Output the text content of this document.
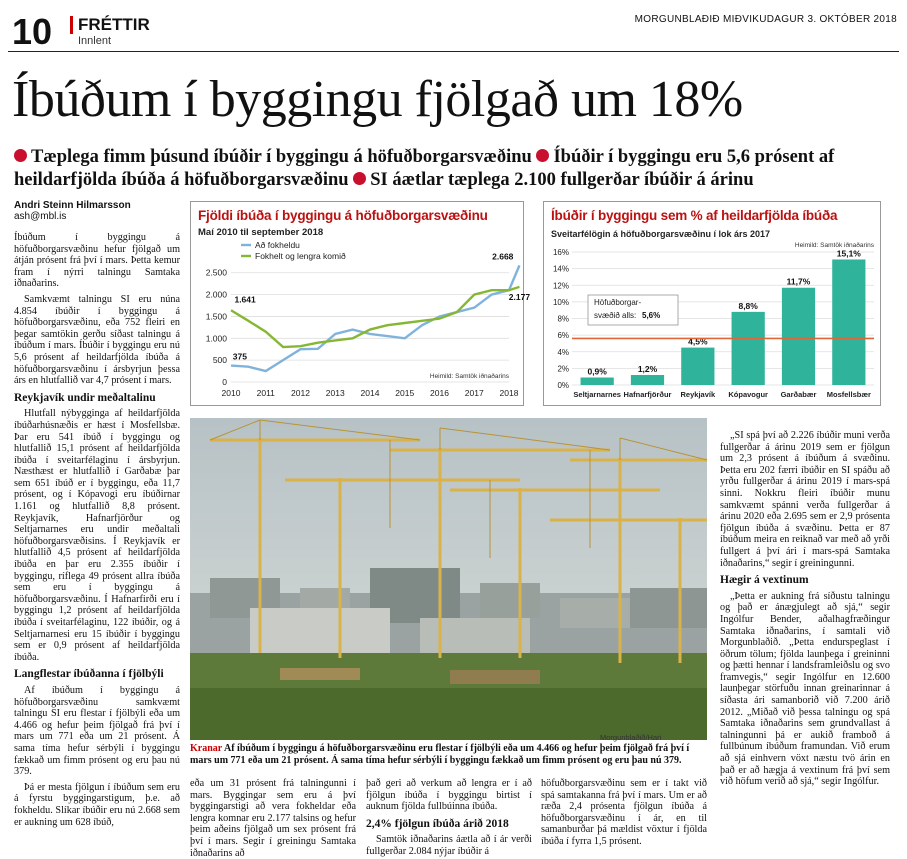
10	FRÉTTIR
Innlent
MORGUNBLAÐIÐ MIÐVIKUDAGUR 3. OKTÓBER 2018
Íbúðum í byggingu fjölgað um 18%
Tæplega fimm þúsund íbúðir í byggingu á höfuðborgarsvæðinu Íbúðir í byggingu eru 5,6 prósent af heildarfjölda íbúða á höfuðborgarsvæðinu SI áætlar tæplega 2.100 fullgerðar íbúðir á árinu
Andri Steinn Hilmarsson
ash@mbl.is

Íbúðum í byggingu á höfuðborgarsvæðinu hefur fjölgað um átján prósent frá því í mars. Þetta kemur fram í nýrri talningu Samtaka iðnaðarins.

Samkvæmt talningu SI eru núna 4.854 íbúðir í byggingu á höfuðborgarsvæðinu, eða 752 fleiri en þegar samtökin gerðu síðast talningu á íbúðum í mars. Íbúðir í byggingu eru nú 5,6 prósent af heildarfjölda íbúða á höfuðborgarsvæðinu í ársbyrjun þessa árs en hlutfallið var 4,7 prósent í mars.

Reykjavík undir meðaltalinu

Hlutfall nýbygginga af heildarfjölda íbúðarhúsnæðis er hæst í Mosfellsbæ. Þar eru 541 íbúð í byggingu og hlutfallið 15,1 prósent af heildarfjölda íbúða í sveitarfélaginu í ársbyrjun. Næsthæst er hlutfallið í Garðabæ þar sem 651 íbúð er í byggingu, eða 11,7 prósent, og í Kópavogi eru íbúðirnar 1.161 og hlutfallið 8,8 prósent. Reykjavík, Hafnarfjörður og Seltjarnarnes eru undir meðaltali höfuðborgarsvæðisins. Í Reykjavík er hlutfallið 4,5 prósent af heildarfjölda íbúða en þar eru 2.355 íbúðir í byggingu, ríflega 49 prósent allra íbúða sem eru í byggingu á höfuðborgarsvæðinu. Í Hafnarfirði eru í byggingu 1,2 prósent af heildarfjölda íbúða í sveitarfélaginu, 122 íbúðir, og á Seltjarnarnesi eru 15 íbúðir í byggingu sem er 0,9 prósent af heildarfjölda íbúða.

Langflestar íbúðanna í fjölbýli

Af íbúðum í byggingu á höfuðborgarsvæðinu samkvæmt talningu SI eru flestar í fjölbýli eða um 4.466 og hefur þeim fjölgað frá því í mars um 771 eða um 21 prósent. Á sama tíma hefur sérbýli í byggingu fækkað um fimm prósent og eru þau nú 379.

Þá er mesta fjölgun í íbúðum sem eru á fyrstu byggingarstigum, þ.e. að fokheldu. Slíkar íbúðir eru nú 2.668 sem er aukning um 628 íbúð,

Fjöldi íbúða í byggingu á höfuðborgarsvæðinu
Maí 2010 til september 2018
0
500
1.000
1.500
2.000
2.500
2010 2011 2012 2013 2014 2015 2016 2017 2018
Að fokheldu
Fokhelt og lengra komið
1.641
375
2.668
2.177
Heimild: Samtök iðnaðarins
Íbúðir í byggingu sem % af heildarfjölda íbúða
Sveitarfélögin á höfuðborgarsvæðinu í lok árs 2017
0%
2%
4%
6%
8%
10%
12%
14%
16%
0,9%
Seltjarnarnes
1,2%
Hafnarfjörður
4,5%
Reykjavík
8,8%
Kópavogur
11,7%
Garðabær
15,1%
Mosfellsbær
Höfuðborgar-
svæðið alls: 5,6%
Heimild: Samtök iðnaðarins
Morgunblaðið/Hari
Kranar Af íbúðum í byggingu á höfuðborgarsvæðinu eru flestar í fjölbýli eða um 4.466 og hefur þeim fjölgað frá því í mars um 771 eða um 21 prósent. Á sama tíma hefur sérbýli í byggingu fækkað um fimm prósent og eru þau nú 379.

eða um 31 prósent frá talningunni í mars. Byggingar sem eru á því byggingarstigi að vera fokheldar eða lengra komnar eru 2.177 talsins og hefur þeim aðeins fjölgað um sex prósent frá því í mars. Segir í greiningu Samtaka iðnaðarins að

það geri að verkum að lengra er í að fjölgun íbúða í byggingu birtist í auknum fjölda fullbúinna íbúða.

2,4% fjölgun íbúða árið 2018

Samtök iðnaðarins áætla að í ár verði fullgerðar 2.084 nýjar íbúðir á

höfuðborgarsvæðinu sem er í takt við spá samtakanna frá því í mars. Um er að ræða 2,4 prósenta fjölgun íbúða á höfuðborgarsvæðinu í ár, en til samanburðar þá mældist vöxtur í fjölda íbúða í fyrra 1,5 prósent.

„SI spá því að 2.226 íbúðir muni verða fullgerðar á árinu 2019 sem er fjölgun um 2,3 prósent á íbúðum á svæðinu. Þetta eru 202 færri íbúðir en SI spáðu að yrðu fullgerðar á árinu 2019 í mars-spá sinni. Nokkru fleiri íbúðir munu samkvæmt spánni verða fullgerðar á árinu 2020 eða 2.695 sem er 2,9 prósenta fjölgun íbúða á svæðinu. Þetta er 87 íbúðum meira en reiknað var með að yrði fullgert á því ári í mars-spá Samtaka iðnaðarins,“ segir í greiningunni.

Hægir á vextinum

„Þetta er aukning frá síðustu talningu og það er ánægjulegt að sjá,“ segir Ingólfur Bender, aðalhagfræðingur Samtaka iðnaðarins, í samtali við Morgunblaðið. „Þetta endurspeglast í öðrum tölum; fjölda launþega í greininni og þætti hennar í landsframleiðslu og svo framvegis,“ segir Ingólfur en 12.600 launþegar störfuðu innan greinarinnar á síðasta ári samanborið við 7.200 árið 2012. „Miðað við þessa talningu og spá Samtaka iðnaðarins sem grundvallast á talningunni þá er aukið framboð á fullbúnum íbúðum framundan. Við erum að sjá einhvern vöxt næstu tvö árin en það er að hægja á vextinum frá því sem við höfum verið að sjá,“ segir Ingólfur.
